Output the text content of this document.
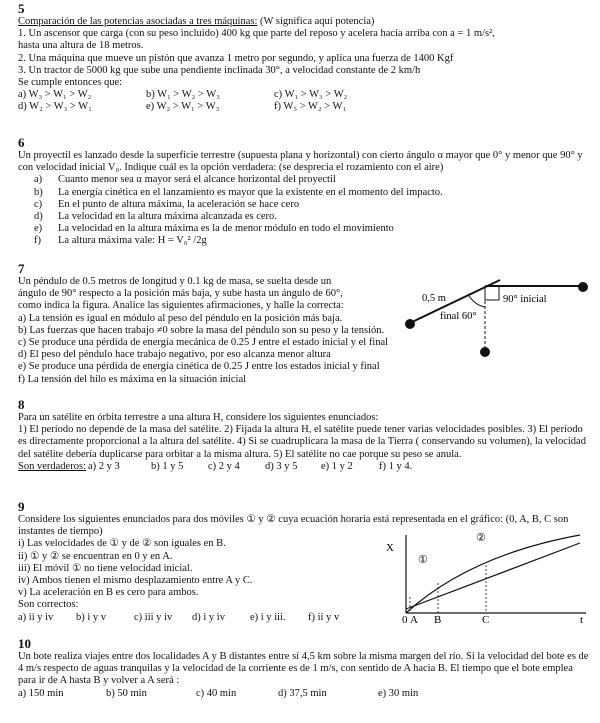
5
Comparación de las potencias asociadas a tres máquinas: (W significa aquí potencia)
1. Un ascensor que carga (con su peso incluido) 400 kg que parte del reposo y acelera hacia arriba con a = 1 m/s²,
hasta una altura de 18 metros.
2. Una máquina que mueve un pistón que avanza 1 metro por segundo, y aplica una fuerza de 1400 Kgf
3. Un tractor de 5000 kg que sube una pendiente inclinada 30°, a velocidad constante de 2 km/h
Se cumple entonces que:
a) W₃ > W₁ > W₂	b) W₁ > W₂ > W₃	c) W₁ > W₃ > W₂
d) W₂ > W₃ > W₁	e) W₂ > W₁ > W₃	f) W₃ > W₂ > W₁
6
Un proyectil es lanzado desde la superficie terrestre (supuesta plana y horizontal) con cierto ángulo α mayor que 0° y menor que 90° y con velocidad inicial V₀. Indique cuál es la opción verdadera: (se desprecia el rozamiento con el aire)
a)	Cuanto menor sea α mayor será el alcance horizontal del proyectil
b)	La energía cinética en el lanzamiento es mayor que la existente en el momento del impacto.
c)	En el punto de altura máxima, la aceleración se hace cero
d)	La velocidad en la altura máxima alcanzada es cero.
e)	La velocidad en la altura máxima es la de menor módulo en todo el movimiento
f)	La altura máxima vale: H = V₀² /2g
7
Un péndulo de 0.5 metros de longitud y 0.1 kg de masa, se suelta desde un
ángulo de 90° respecto a la posición más baja, y sube hasta un ángulo de 60°,
como indica la figura. Analice las siguientes afirmaciones, y halle la correcta:
a) La tensión es igual en módulo al peso del péndulo en la posición más baja.
b) Las fuerzas que hacen trabajo ≠0 sobre la masa del péndulo son su peso y la tensión.
c) Se produce una pérdida de energía mecánica de 0.25 J entre el estado inicial y el final
d) El peso del péndulo hace trabajo negativo, por eso alcanza menor altura
e) Se produce una pérdida de energía cinética de 0.25 J entre los estados inicial y final
f) La tensión del hilo es máxima en la situación inicial
0,5 m	90° inicial
final 60°
8
Para un satélite en órbita terrestre a una altura H, considere los siguientes enunciados:
1) El período no depende de la masa del satélite. 2) Fijada la altura H, el satélite puede tener varias velocidades posibles. 3) El período es directamente proporcional a la altura del satélite. 4) Si se cuadruplicara la masa de la Tierra ( conservando su volumen), la velocidad del satélite debería duplicarse para orbitar a la misma altura. 5) El satélite no cae porque su peso se anula.
Son verdaderos: a) 2 y 3	b) 1 y 5	c) 2 y 4	d) 3 y 5	e) 1 y 2	f) 1 y 4.
9
Considere los siguientes enunciados para dos móviles ① y ② cuya ecuación horaria está representada en el gráfico: (0, A, B, C son
instantes de tiempo)
i) Las velocidades de ① y de ② son iguales en B.
ii) ① y ② se encuentran en 0 y en A.
iii) El móvil ① no tiene velocidad inicial.
iv) Ambos tienen el mismo desplazamiento entre A y C.
v) La aceleración en B es cero para ambos.
Son correctos:
a) ii y iv	b) i y v	c) iii y iv	d) i y iv	e) i y iii.	f) ii y v
X
t
0 A B	C
①
②
10
Un bote realiza viajes entre dos localidades A y B distantes entre sí 4,5 km sobre la misma margen del río. Si la velocidad del bote es de 4 m/s respecto de aguas tranquilas y la velocidad de la corriente es de 1 m/s, con sentido de A hacia B. El tiempo que el bote emplea para ir de A hasta B y volver a A será :
a) 150 min	b) 50 min	c) 40 min	d) 37,5 min	e) 30 min
